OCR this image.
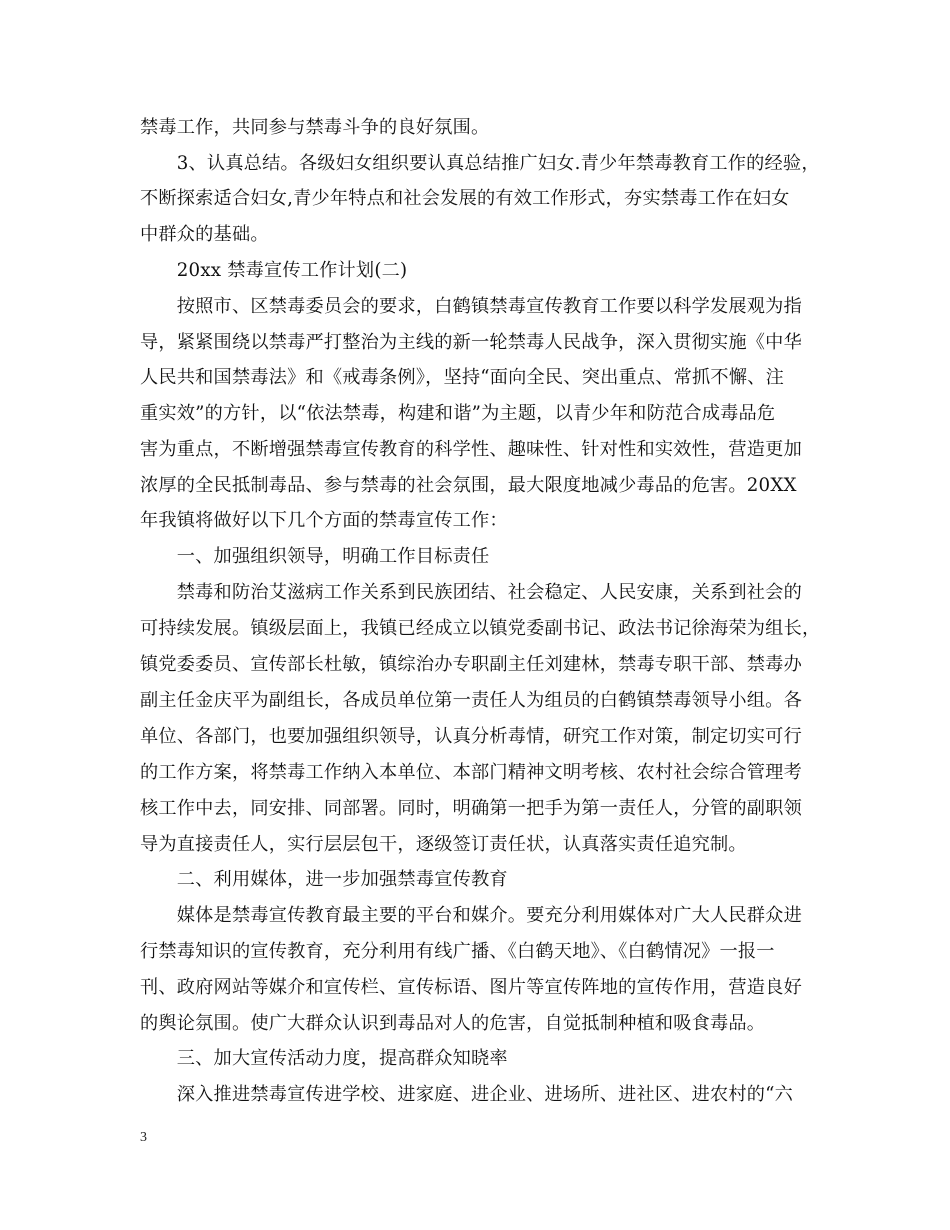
禁毒工作，共同参与禁毒斗争的良好氛围。
　　3、认真总结。各级妇女组织要认真总结推广妇女.青少年禁毒教育工作的经验，
不断探索适合妇女,青少年特点和社会发展的有效工作形式，夯实禁毒工作在妇女
中群众的基础。
　　20xx 禁毒宣传工作计划(二)
　　按照市、区禁毒委员会的要求，白鹤镇禁毒宣传教育工作要以科学发展观为指
导，紧紧围绕以禁毒严打整治为主线的新一轮禁毒人民战争，深入贯彻实施《中华
人民共和国禁毒法》和《戒毒条例》，坚持“面向全民、突出重点、常抓不懈、注
重实效”的方针，以“依法禁毒，构建和谐”为主题，以青少年和防范合成毒品危
害为重点，不断增强禁毒宣传教育的科学性、趣味性、针对性和实效性，营造更加
浓厚的全民抵制毒品、参与禁毒的社会氛围，最大限度地减少毒品的危害。20XX
年我镇将做好以下几个方面的禁毒宣传工作：
　　一、加强组织领导，明确工作目标责任
　　禁毒和防治艾滋病工作关系到民族团结、社会稳定、人民安康，关系到社会的
可持续发展。镇级层面上，我镇已经成立以镇党委副书记、政法书记徐海荣为组长，
镇党委委员、宣传部长杜敏，镇综治办专职副主任刘建林，禁毒专职干部、禁毒办
副主任金庆平为副组长，各成员单位第一责任人为组员的白鹤镇禁毒领导小组。各
单位、各部门，也要加强组织领导，认真分析毒情，研究工作对策，制定切实可行
的工作方案，将禁毒工作纳入本单位、本部门精神文明考核、农村社会综合管理考
核工作中去，同安排、同部署。同时，明确第一把手为第一责任人，分管的副职领
导为直接责任人，实行层层包干，逐级签订责任状，认真落实责任追究制。
　　二、利用媒体，进一步加强禁毒宣传教育
　　媒体是禁毒宣传教育最主要的平台和媒介。要充分利用媒体对广大人民群众进
行禁毒知识的宣传教育，充分利用有线广播、《白鹤天地》、《白鹤情况》一报一
刊、政府网站等媒介和宣传栏、宣传标语、图片等宣传阵地的宣传作用，营造良好
的舆论氛围。使广大群众认识到毒品对人的危害，自觉抵制种植和吸食毒品。
　　三、加大宣传活动力度，提高群众知晓率
　　深入推进禁毒宣传进学校、进家庭、进企业、进场所、进社区、进农村的“六
3
